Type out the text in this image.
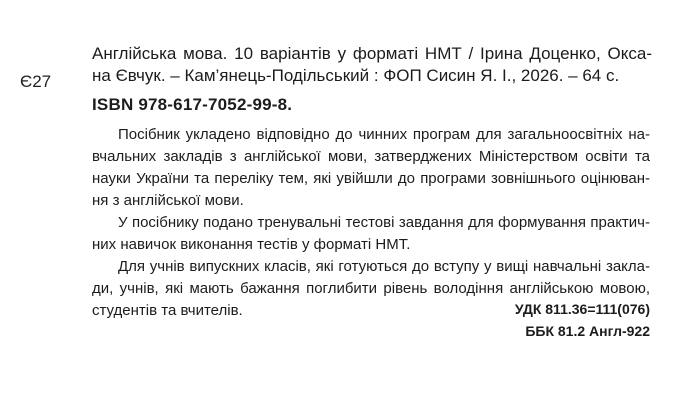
Є27
Англійська мова. 10 варіантів у форматі НМТ / Ірина Доценко, Окса-
на Євчук. – Кам’янець-Подільський : ФОП Сисин Я. І., 2026. – 64 с.
ISBN 978-617-7052-99-8.

Посібник укладено відповідно до чинних програм для загальноосвітніх на-
вчальних закладів з англійської мови, затверджених Міністерством освіти та
науки України та переліку тем, які увійшли до програми зовнішнього оцінюван-
ня з англійської мови.

У посібнику подано тренувальні тестові завдання для формування практич-
них навичок виконання тестів у форматі НМТ.

Для учнів випускних класів, які готуються до вступу у вищі навчальні закла-
ди, учнів, які мають бажання поглибити рівень володіння англійською мовою,
студентів та вчителів.	УДК 811.36=111(076)
ББК 81.2 Англ-922
